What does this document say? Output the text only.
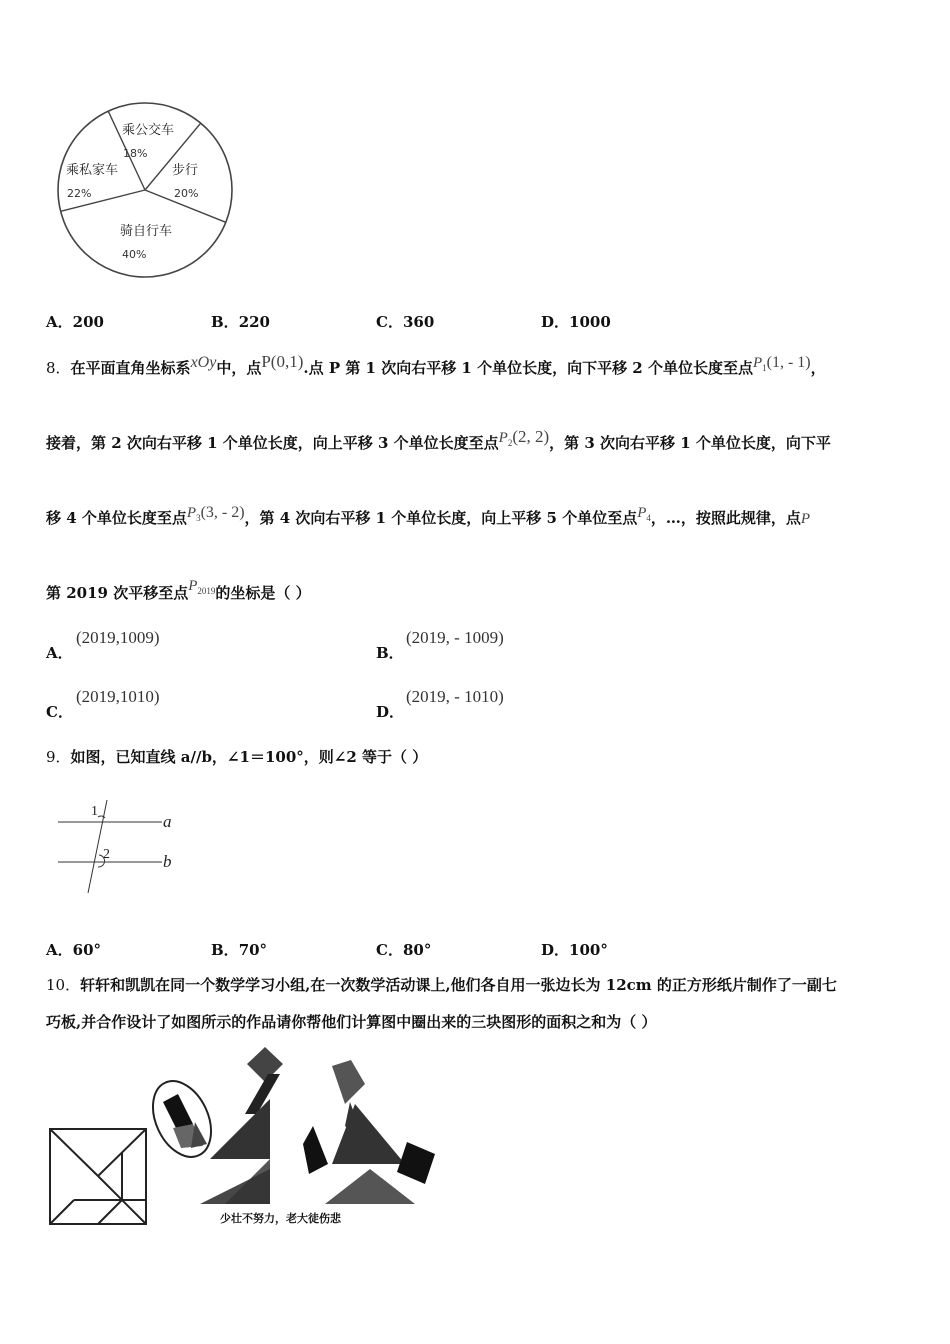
乘公交车
18%
步行
20%
骑自行车
40%
乘私家车
22%
A．200	B．220	C．360	D．1000
8．在平面直角坐标系xOy中，点P(0,1).点 P 第 1 次向右平移 1 个单位长度，向下平移 2 个单位长度至点P1(1, - 1)，
接着，第 2 次向右平移 1 个单位长度，向上平移 3 个单位长度至点P2(2, 2)，第 3 次向右平移 1 个单位长度，向下平
移 4 个单位长度至点P3(3, - 2)，第 4 次向右平移 1 个单位长度，向上平移 5 个单位至点P4，…，按照此规律，点P
第 2019 次平移至点$P^{2019}$的坐标是（ ）
A．
(2019,1009)
B．
(2019, - 1009)
C．
(2019,1010)
D．
(2019, - 1010)
9．如图，已知直线 a//b，∠1＝100°，则∠2 等于（ ）
1
2
a
b
A．60°	B．70°	C．80°	D．100°
10．轩轩和凯凯在同一个数学学习小组,在一次数学活动课上,他们各自用一张边长为 12cm 的正方形纸片制作了一副七
巧板,并合作设计了如图所示的作品请你帮他们计算图中圈出来的三块图形的面积之和为（ ）
少壮不努力，老大徒伤悲
